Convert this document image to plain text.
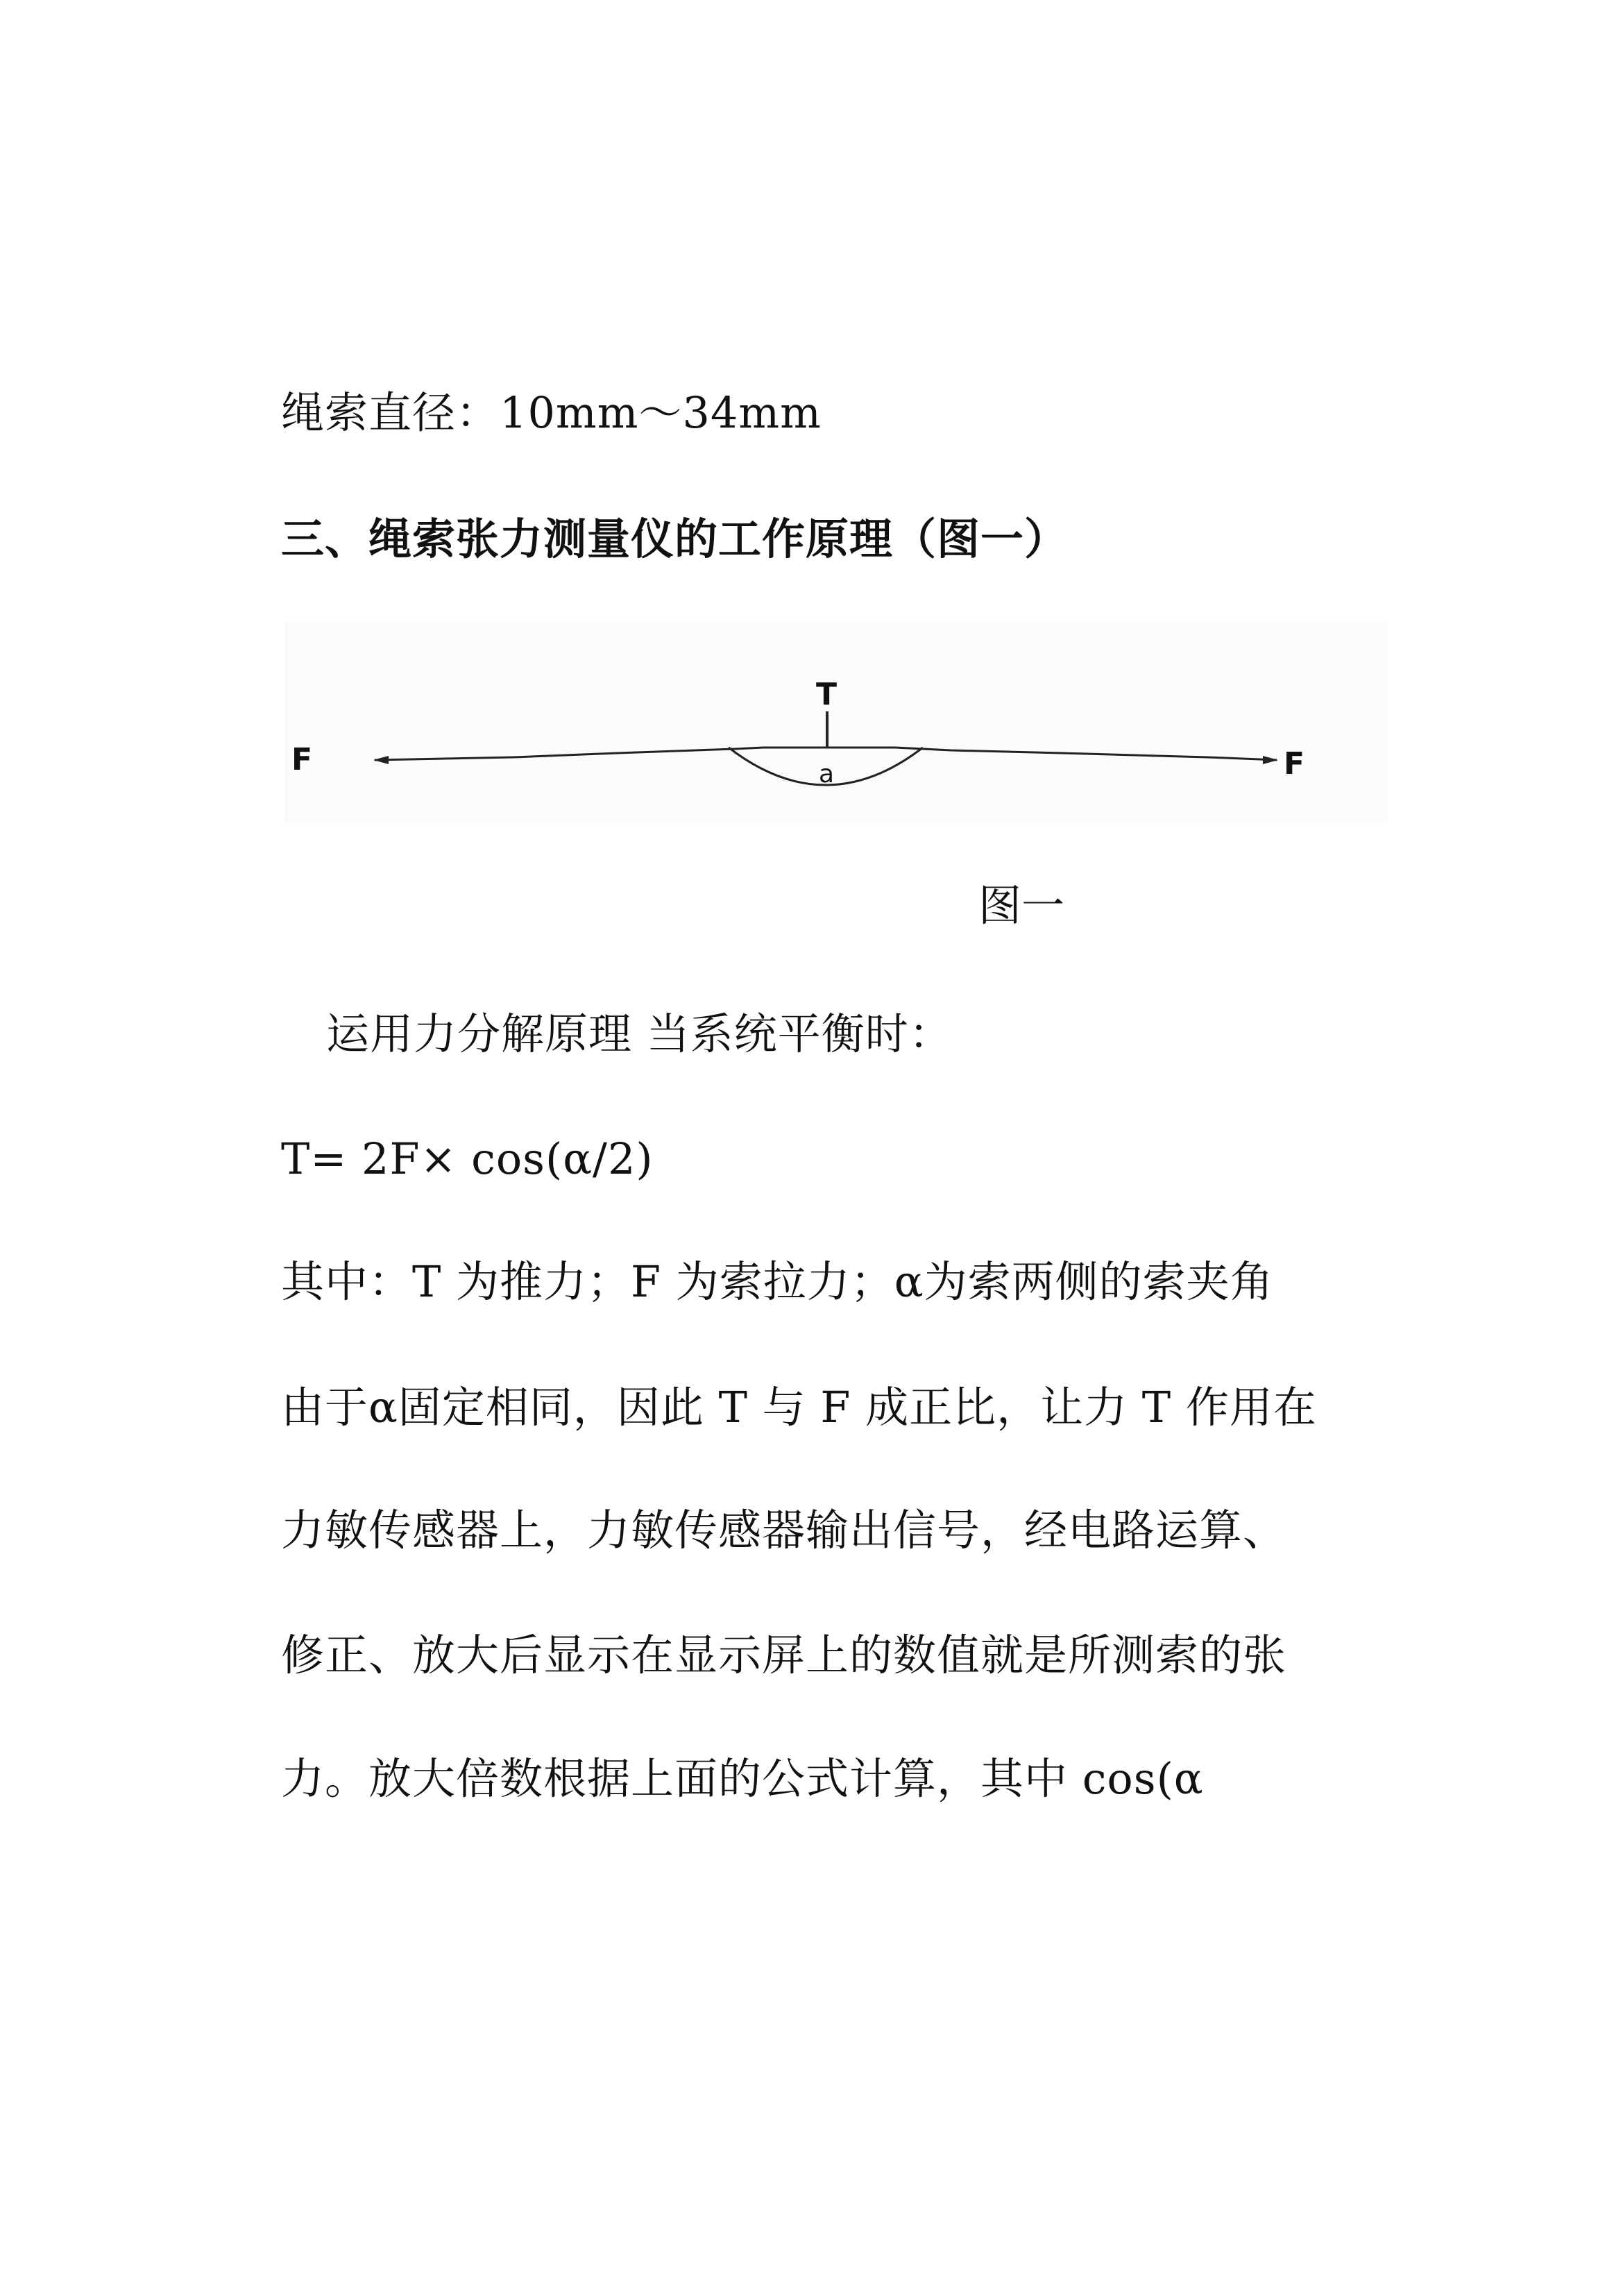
绳索直径：10mm～34mm
三、绳索张力测量仪的工作原理（图一）
T
a
F	F
图一
运用力分解原理 当系统平衡时：
T= 2F× cos(α/2)
其中：T 为推力；F 为索拉力；α为索两侧的索夹角
由于α固定相同，因此 T 与 F 成正比，让力 T 作用在
力敏传感器上，力敏传感器输出信号，经电路运算、
修正、放大后显示在显示屏上的数值就是所测索的张
力。放大倍数根据上面的公式计算，其中 cos(α
